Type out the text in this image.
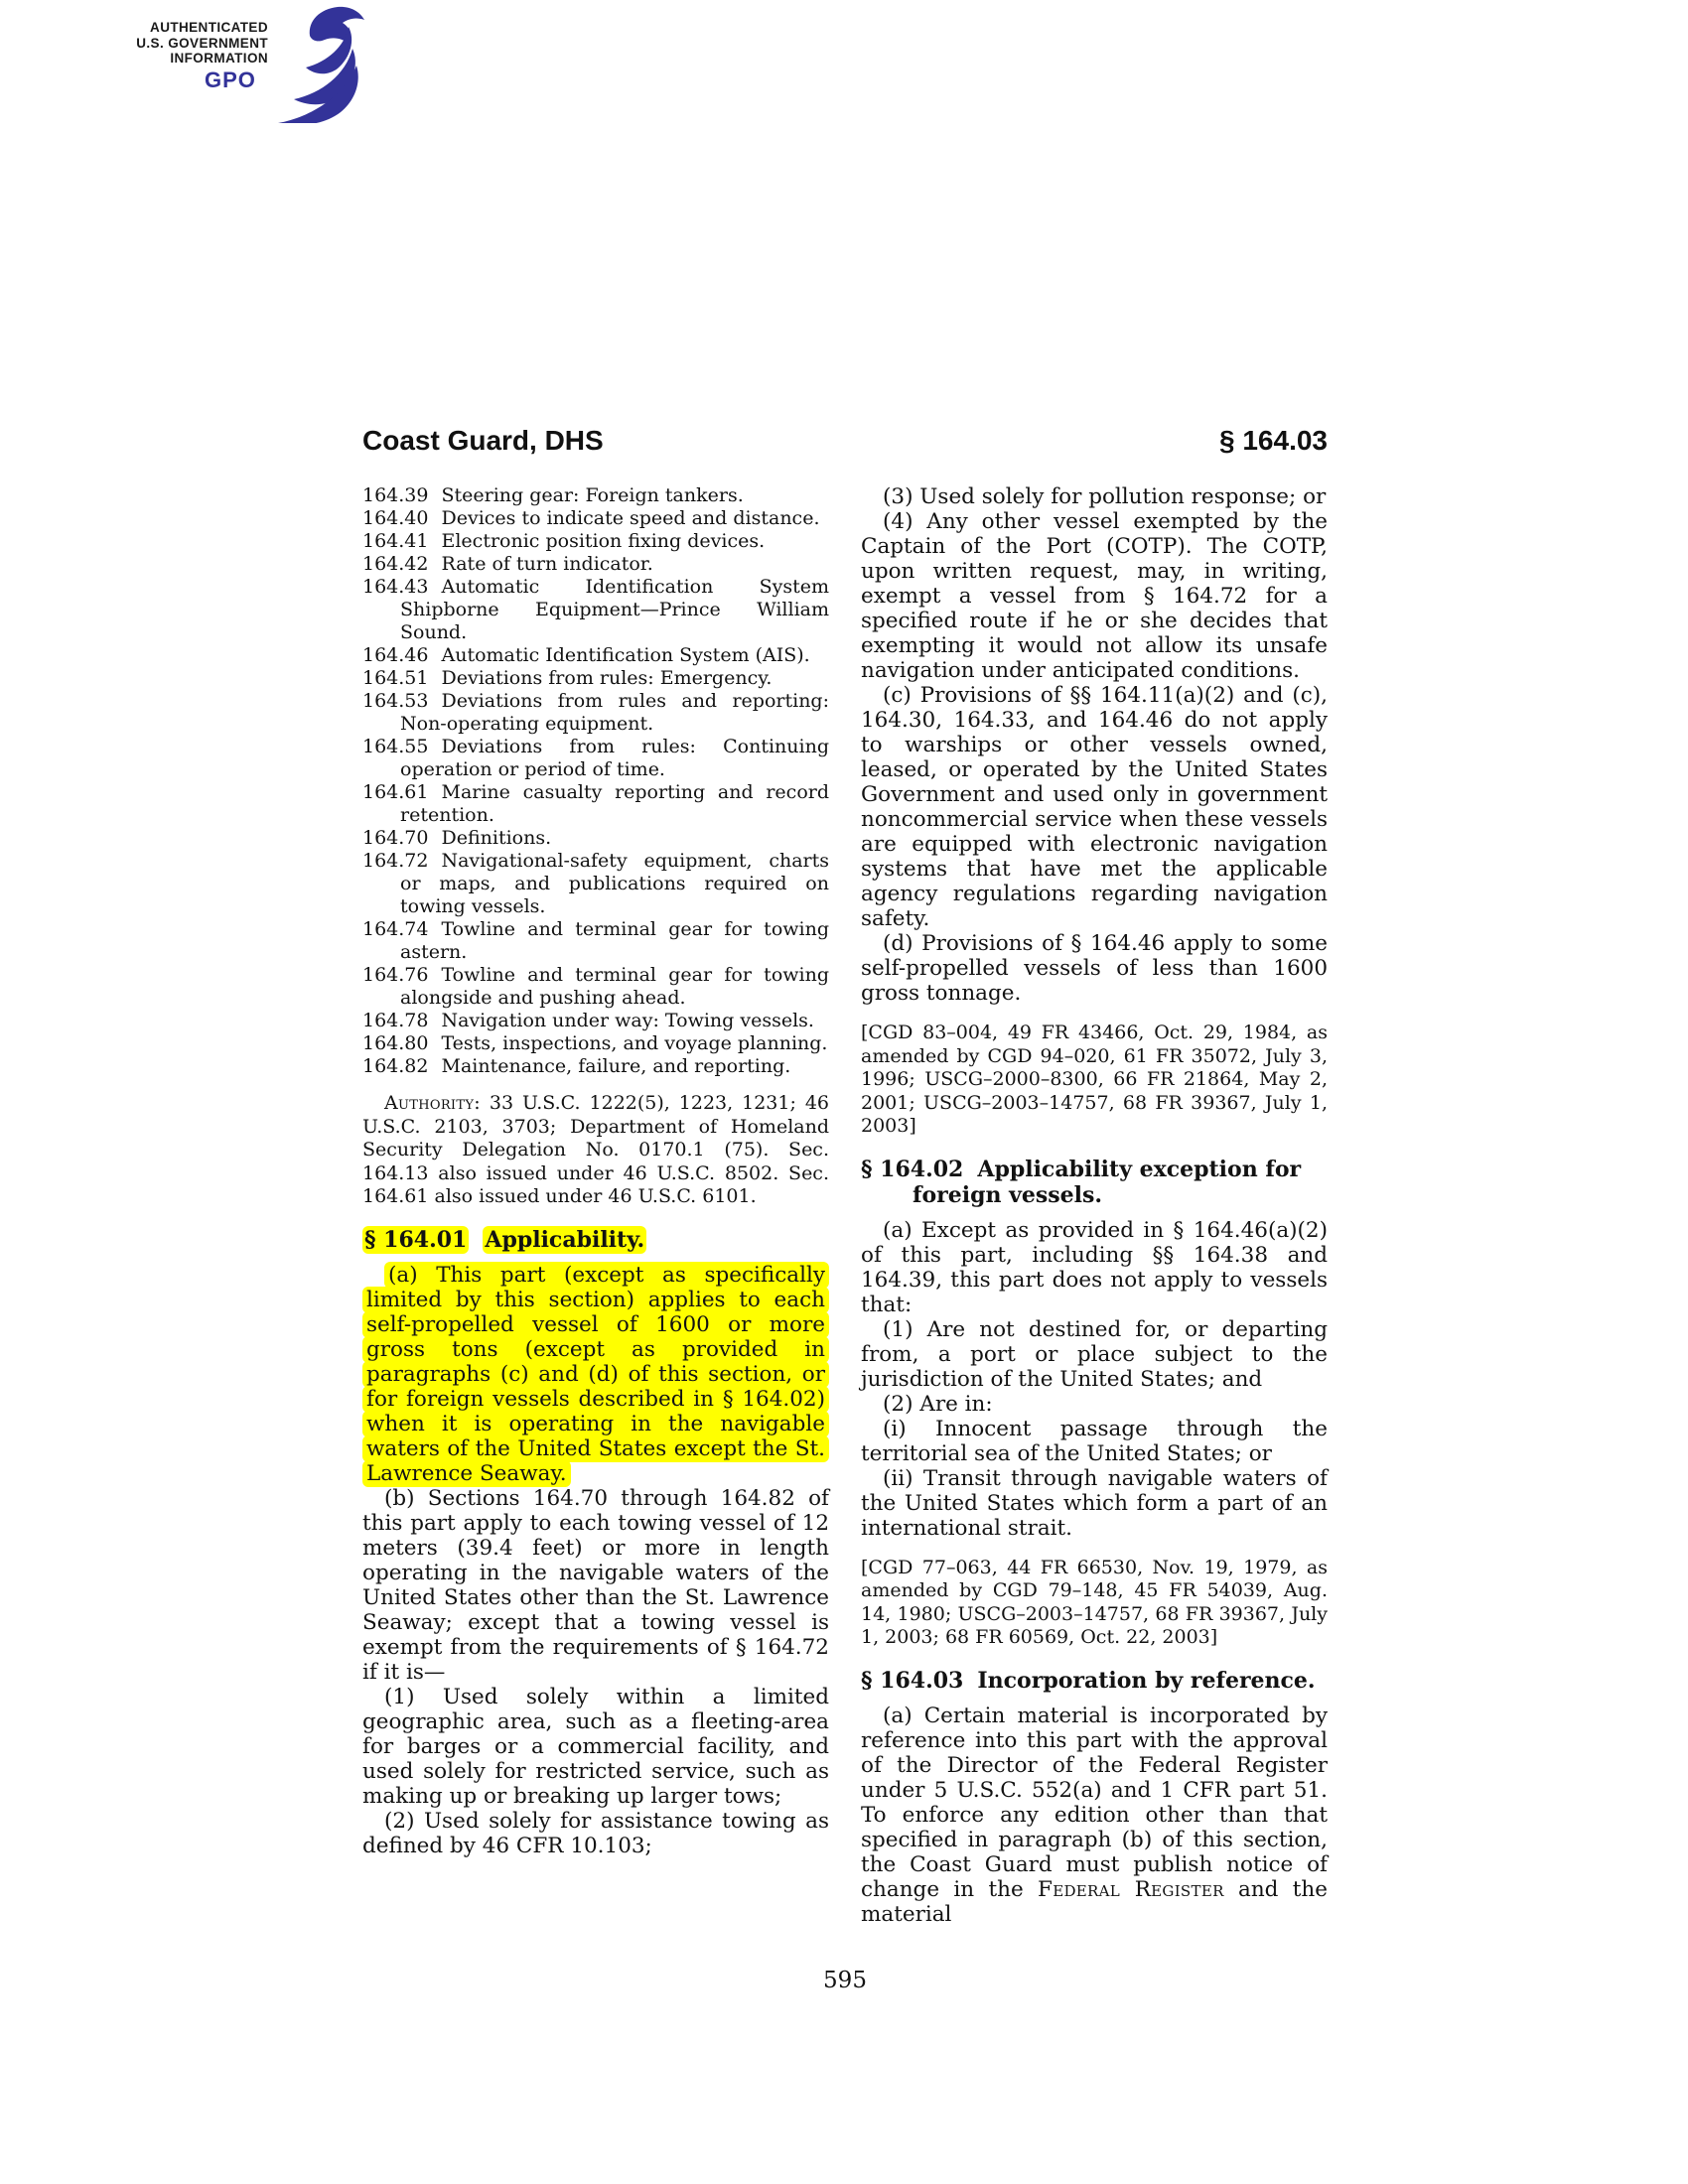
AUTHENTICATED
U.S. GOVERNMENT
INFORMATION
GPO
Coast Guard, DHS	§ 164.03
164.39 Steering gear: Foreign tankers.
164.40 Devices to indicate speed and distance.
164.41 Electronic position fixing devices.
164.42 Rate of turn indicator.
164.43 Automatic Identification System Shipborne Equipment—Prince William Sound.
164.46 Automatic Identification System (AIS).
164.51 Deviations from rules: Emergency.
164.53 Deviations from rules and reporting: Non-operating equipment.
164.55 Deviations from rules: Continuing operation or period of time.
164.61 Marine casualty reporting and record retention.
164.70 Definitions.
164.72 Navigational-safety equipment, charts or maps, and publications required on towing vessels.
164.74 Towline and terminal gear for towing astern.
164.76 Towline and terminal gear for towing alongside and pushing ahead.
164.78 Navigation under way: Towing vessels.
164.80 Tests, inspections, and voyage planning.
164.82 Maintenance, failure, and reporting.

Authority: 33 U.S.C. 1222(5), 1223, 1231; 46 U.S.C. 2103, 3703; Department of Homeland Security Delegation No. 0170.1 (75). Sec. 164.13 also issued under 46 U.S.C. 8502. Sec. 164.61 also issued under 46 U.S.C. 6101.

§ 164.01 Applicability.

(a) This part (except as specifically limited by this section) applies to each self-propelled vessel of 1600 or more gross tons (except as provided in paragraphs (c) and (d) of this section, or for foreign vessels described in § 164.02) when it is operating in the navigable waters of the United States except the St. Lawrence Seaway.

(b) Sections 164.70 through 164.82 of this part apply to each towing vessel of 12 meters (39.4 feet) or more in length operating in the navigable waters of the United States other than the St. Lawrence Seaway; except that a towing vessel is exempt from the requirements of § 164.72 if it is—

(1) Used solely within a limited geographic area, such as a fleeting-area for barges or a commercial facility, and used solely for restricted service, such as making up or breaking up larger tows;

(2) Used solely for assistance towing as defined by 46 CFR 10.103;

(3) Used solely for pollution response; or

(4) Any other vessel exempted by the Captain of the Port (COTP). The COTP, upon written request, may, in writing, exempt a vessel from § 164.72 for a specified route if he or she decides that exempting it would not allow its unsafe navigation under anticipated conditions.

(c) Provisions of §§ 164.11(a)(2) and (c), 164.30, 164.33, and 164.46 do not apply to warships or other vessels owned, leased, or operated by the United States Government and used only in government noncommercial service when these vessels are equipped with electronic navigation systems that have met the applicable agency regulations regarding navigation safety.

(d) Provisions of § 164.46 apply to some self-propelled vessels of less than 1600 gross tonnage.

[CGD 83–004, 49 FR 43466, Oct. 29, 1984, as amended by CGD 94–020, 61 FR 35072, July 3, 1996; USCG–2000–8300, 66 FR 21864, May 2, 2001; USCG–2003–14757, 68 FR 39367, July 1, 2003]

§ 164.02 Applicability exception for foreign vessels.

(a) Except as provided in § 164.46(a)(2) of this part, including §§ 164.38 and 164.39, this part does not apply to vessels that:

(1) Are not destined for, or departing from, a port or place subject to the jurisdiction of the United States; and

(2) Are in:

(i) Innocent passage through the territorial sea of the United States; or

(ii) Transit through navigable waters of the United States which form a part of an international strait.

[CGD 77–063, 44 FR 66530, Nov. 19, 1979, as amended by CGD 79–148, 45 FR 54039, Aug. 14, 1980; USCG–2003–14757, 68 FR 39367, July 1, 2003; 68 FR 60569, Oct. 22, 2003]

§ 164.03 Incorporation by reference.

(a) Certain material is incorporated by reference into this part with the approval of the Director of the Federal Register under 5 U.S.C. 552(a) and 1 CFR part 51. To enforce any edition other than that specified in paragraph (b) of this section, the Coast Guard must publish notice of change in the Federal Register and the material

595
